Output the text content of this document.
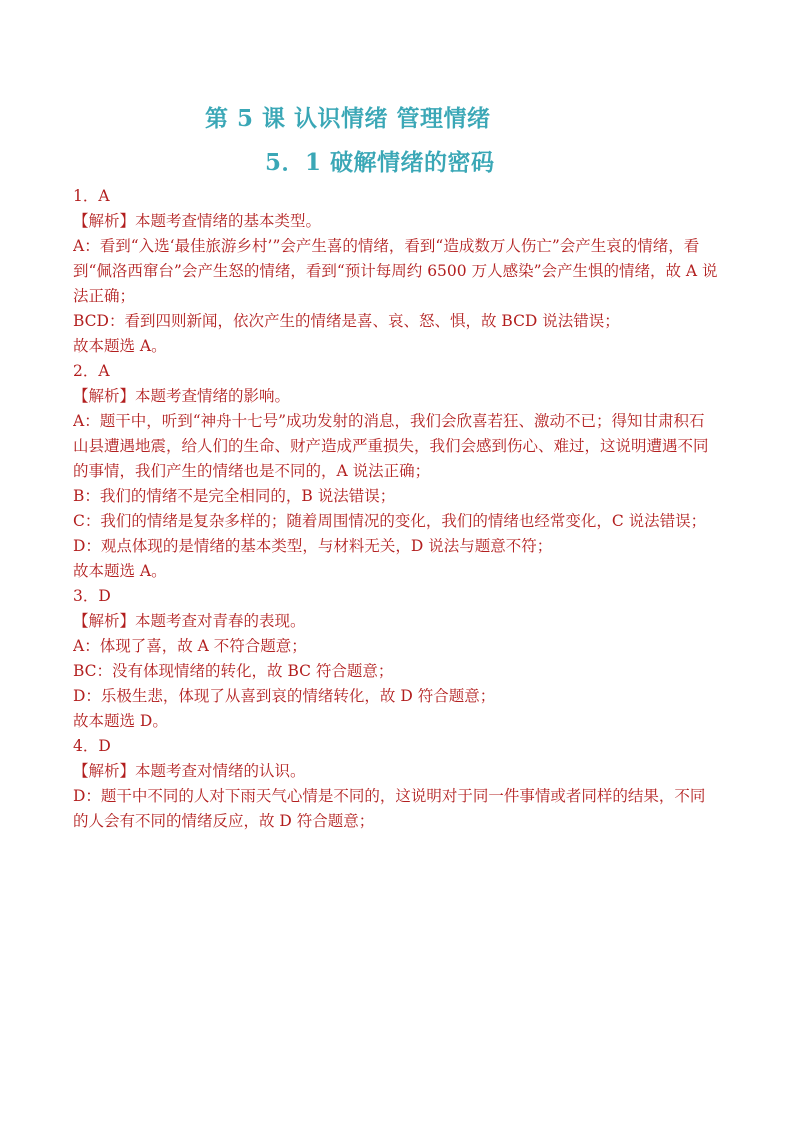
第 5 课 认识情绪 管理情绪
5．1 破解情绪的密码
1．A
【解析】本题考查情绪的基本类型。
A：看到“入选‘最佳旅游乡村’”会产生喜的情绪，看到“造成数万人伤亡”会产生哀的情绪，看
到“佩洛西窜台”会产生怒的情绪，看到“预计每周约 6500 万人感染”会产生惧的情绪，故 A 说
法正确；
BCD：看到四则新闻，依次产生的情绪是喜、哀、怒、惧，故 BCD 说法错误；
故本题选 A。
2．A
【解析】本题考查情绪的影响。
A：题干中，听到“神舟十七号”成功发射的消息，我们会欣喜若狂、激动不已；得知甘肃积石
山县遭遇地震，给人们的生命、财产造成严重损失，我们会感到伤心、难过，这说明遭遇不同
的事情，我们产生的情绪也是不同的，A 说法正确；
B：我们的情绪不是完全相同的，B 说法错误；
C：我们的情绪是复杂多样的；随着周围情况的变化，我们的情绪也经常变化，C 说法错误；
D：观点体现的是情绪的基本类型，与材料无关，D 说法与题意不符；
故本题选 A。
3．D
【解析】本题考查对青春的表现。
A：体现了喜，故 A 不符合题意；
BC：没有体现情绪的转化，故 BC 符合题意；
D：乐极生悲，体现了从喜到哀的情绪转化，故 D 符合题意；
故本题选 D。
4．D
【解析】本题考查对情绪的认识。
D：题干中不同的人对下雨天气心情是不同的，这说明对于同一件事情或者同样的结果，不同
的人会有不同的情绪反应，故 D 符合题意；
